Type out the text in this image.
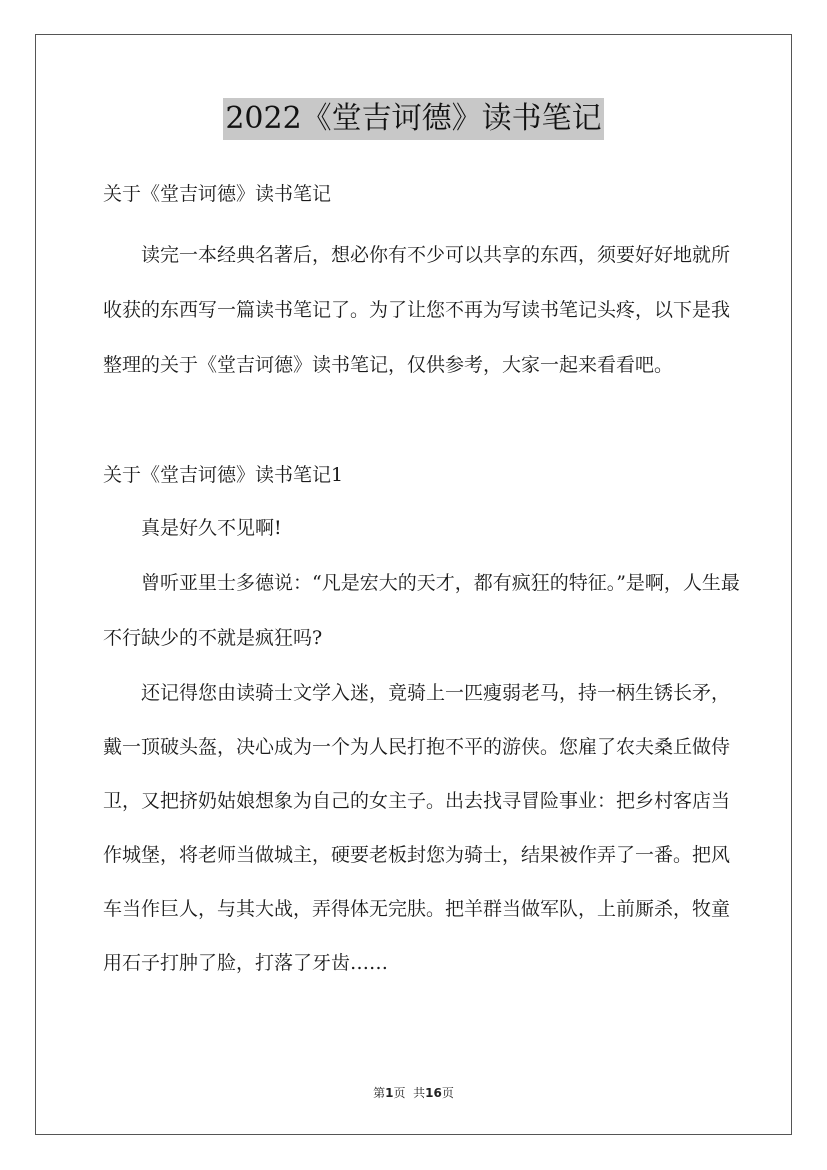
2022《堂吉诃德》读书笔记

关于《堂吉诃德》读书笔记

读完一本经典名著后，想必你有不少可以共享的东西，须要好好地就所收获的东西写一篇读书笔记了。为了让您不再为写读书笔记头疼，以下是我整理的关于《堂吉诃德》读书笔记，仅供参考，大家一起来看看吧。

关于《堂吉诃德》读书笔记1

真是好久不见啊!

曾听亚里士多德说：“凡是宏大的天才，都有疯狂的特征。”是啊，人生最不行缺少的不就是疯狂吗?

还记得您由读骑士文学入迷，竟骑上一匹瘦弱老马，持一柄生锈长矛，戴一顶破头盔，决心成为一个为人民打抱不平的游侠。您雇了农夫桑丘做侍卫，又把挤奶姑娘想象为自己的女主子。出去找寻冒险事业：把乡村客店当作城堡，将老师当做城主，硬要老板封您为骑士，结果被作弄了一番。把风车当作巨人，与其大战，弄得体无完肤。把羊群当做军队，上前厮杀，牧童用石子打肿了脸，打落了牙齿……

第1页 共16页
